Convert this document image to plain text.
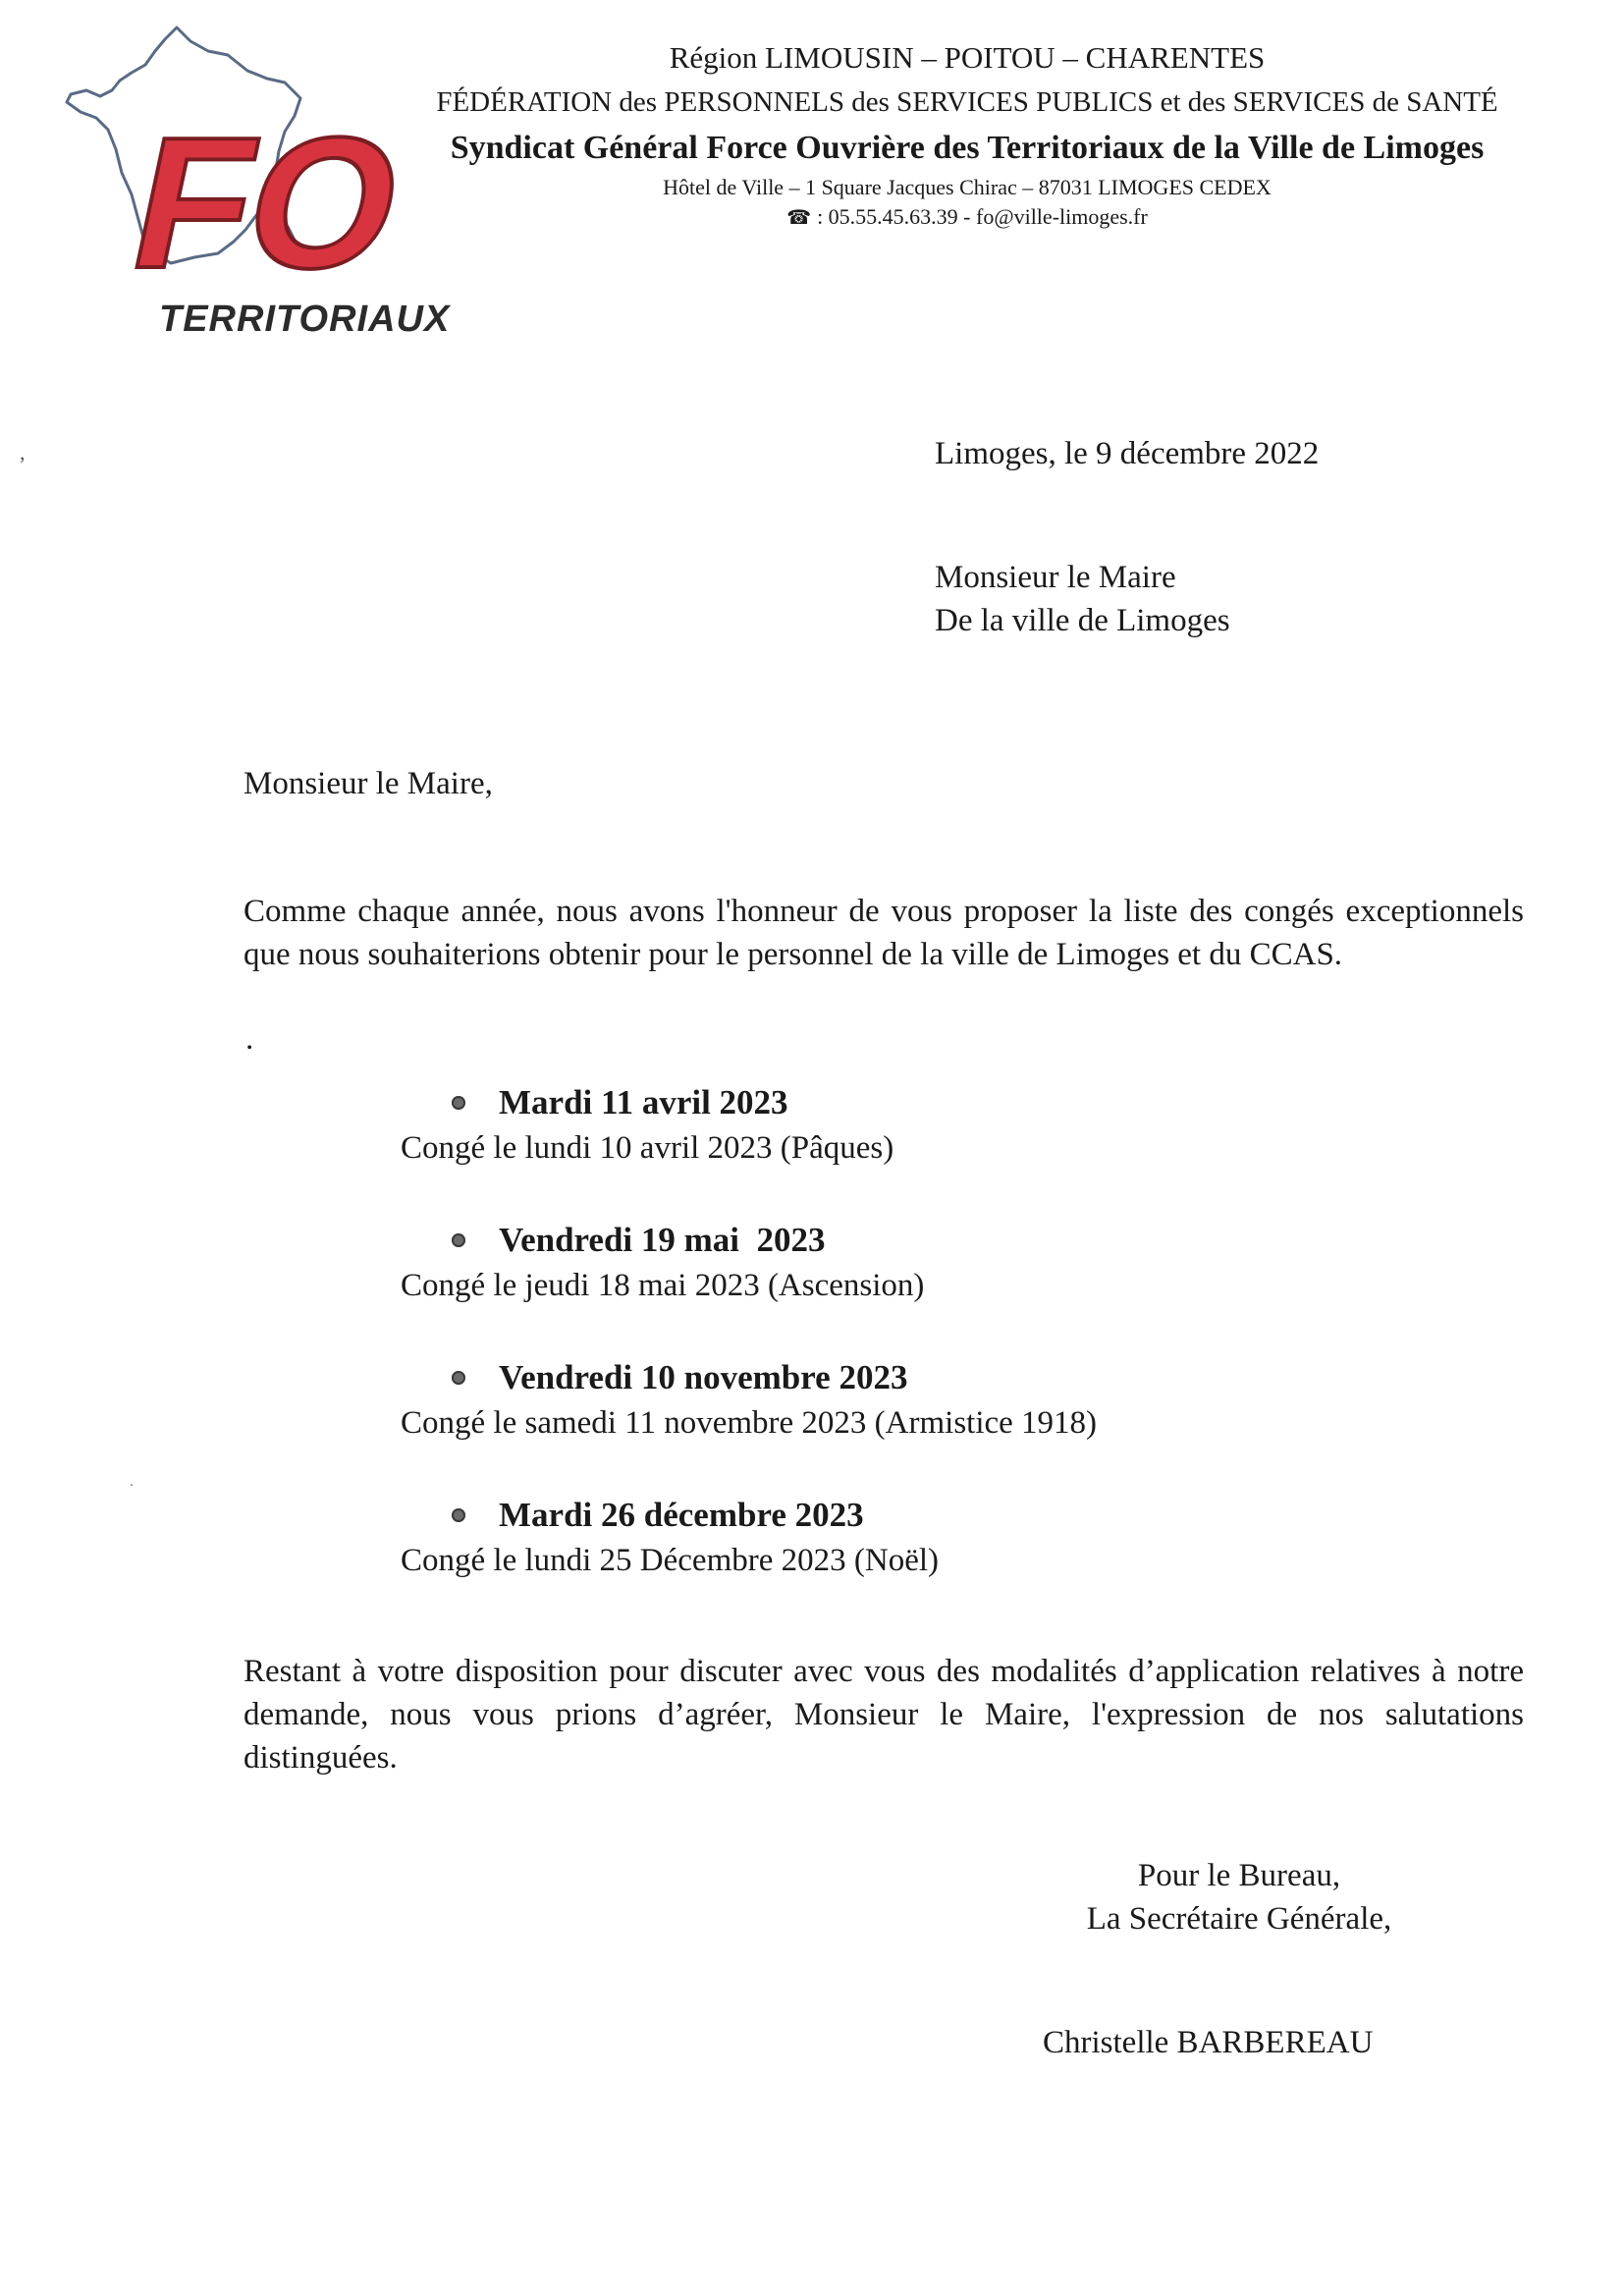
FO
TERRITORIAUX
Région LIMOUSIN – POITOU – CHARENTES
FÉDÉRATION des PERSONNELS des SERVICES PUBLICS et des SERVICES de SANTÉ
Syndicat Général Force Ouvrière des Territoriaux de la Ville de Limoges
Hôtel de Ville – 1 Square Jacques Chirac – 87031 LIMOGES CEDEX
☎ : 05.55.45.63.39 - fo@ville-limoges.fr
,
.
Limoges, le 9 décembre 2022
Monsieur le Maire
De la ville de Limoges
Monsieur le Maire,
Comme chaque année, nous avons l'honneur de vous proposer la liste des congés exceptionnels que nous souhaiterions obtenir pour le personnel de la ville de Limoges et du CCAS.
.
Mardi 11 avril 2023
Congé le lundi 10 avril 2023 (Pâques)
Vendredi 19 mai  2023
Congé le jeudi 18 mai 2023 (Ascension)
Vendredi 10 novembre 2023
Congé le samedi 11 novembre 2023 (Armistice 1918)
Mardi 26 décembre 2023
Congé le lundi 25 Décembre 2023 (Noël)
Restant à votre disposition pour discuter avec vous des modalités d’application relatives à notre demande, nous vous prions d’agréer, Monsieur le Maire, l'expression de nos salutations distinguées.
Pour le Bureau,
La Secrétaire Générale,
Christelle BARBEREAU
